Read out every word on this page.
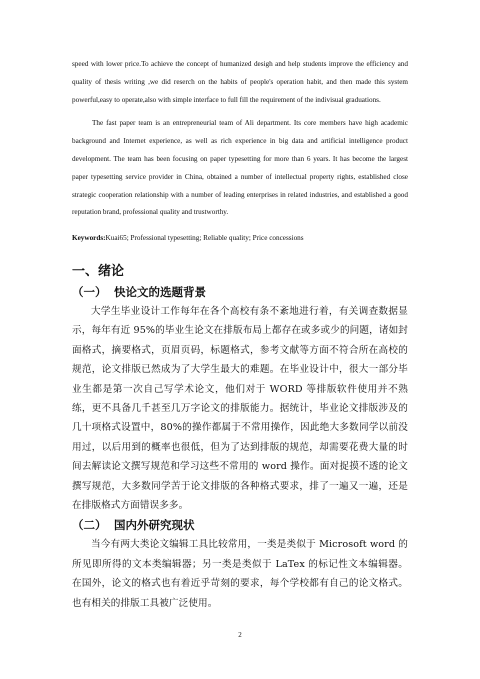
speed with lower price.To achieve the concept of humanized desigh and help students improve the efficiency and quality of thesis writing ,we did reserch on the habits of people's operation habit, and then made this system powerful,easy to operate,also with simple interface to full fill the requirement of the indivisual graduations.

The fast paper team is an entrepreneurial team of Ali department. Its core members have high academic background and Internet experience, as well as rich experience in big data and artificial intelligence product development. The team has been focusing on paper typesetting for more than 6 years. It has become the largest paper typesetting service provider in China, obtained a number of intellectual property rights, established close strategic cooperation relationship with a number of leading enterprises in related industries, and established a good reputation brand, professional quality and trustworthy.

Keywords:Kuai65; Professional typesetting; Reliable quality; Price concessions

一、绪论
（一） 快论文的选题背景

大学生毕业设计工作每年在各个高校有条不紊地进行着，有关调查数据显示，每年有近 95%的毕业生论文在排版布局上都存在或多或少的问题，诸如封面格式，摘要格式，页眉页码，标题格式，参考文献等方面不符合所在高校的规范，论文排版已然成为了大学生最大的难题。在毕业设计中，很大一部分毕业生都是第一次自己写学术论文，他们对于 WORD 等排版软件使用并不熟练，更不具备几千甚至几万字论文的排版能力。据统计，毕业论文排版涉及的几十项格式设置中，80%的操作都属于不常用操作，因此绝大多数同学以前没用过，以后用到的概率也很低，但为了达到排版的规范，却需要花费大量的时间去解读论文撰写规范和学习这些不常用的 word 操作。面对捉摸不透的论文撰写规范，大多数同学苦于论文排版的各种格式要求，排了一遍又一遍，还是在排版格式方面错误多多。

（二） 国内外研究现状

当今有两大类论文编辑工具比较常用，一类是类似于 Microsoft word 的所见即所得的文本类编辑器；另一类是类似于 LaTex 的标记性文本编辑器。在国外，论文的格式也有着近乎苛刻的要求，每个学校都有自己的论文格式。也有相关的排版工具被广泛使用。

2
